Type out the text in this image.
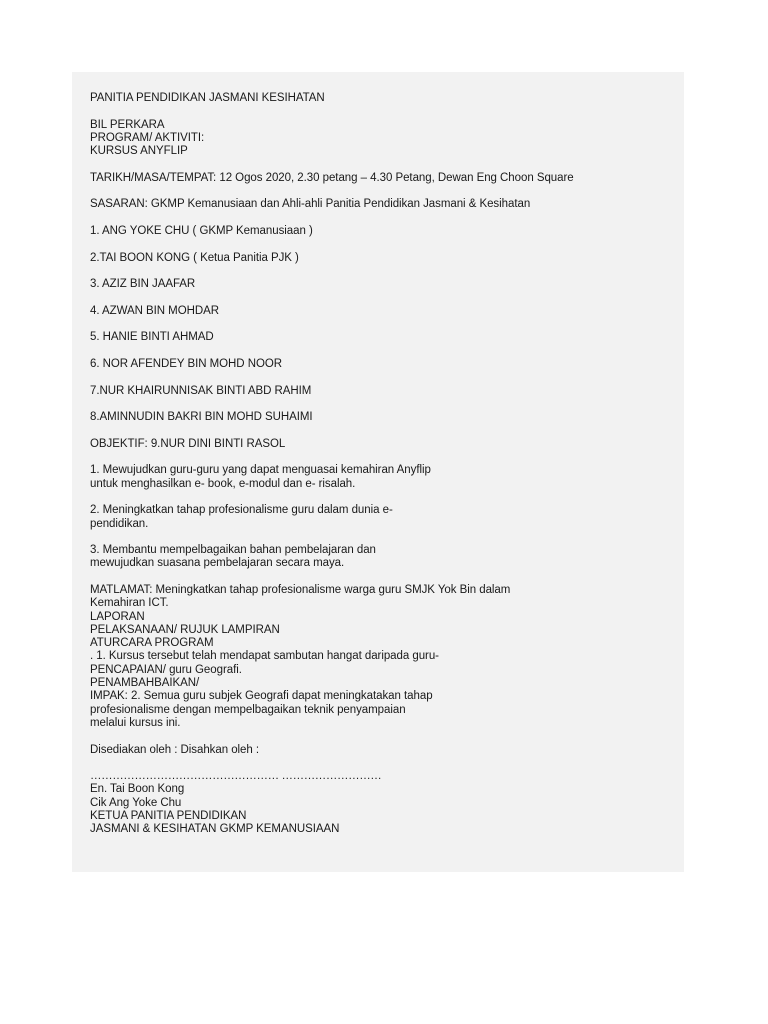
PANITIA PENDIDIKAN JASMANI KESIHATAN

BIL PERKARA

PROGRAM/ AKTIVITI:

KURSUS ANYFLIP

TARIKH/MASA/TEMPAT: 12 Ogos 2020, 2.30 petang – 4.30 Petang, Dewan Eng Choon Square

SASARAN: GKMP Kemanusiaan dan Ahli-ahli Panitia Pendidikan Jasmani & Kesihatan

1. ANG YOKE CHU ( GKMP Kemanusiaan )

2.TAI BOON KONG ( Ketua Panitia PJK )

3. AZIZ BIN JAAFAR

4. AZWAN BIN MOHDAR

5. HANIE BINTI AHMAD

6. NOR AFENDEY BIN MOHD NOOR

7.NUR KHAIRUNNISAK BINTI ABD RAHIM

8.AMINNUDIN BAKRI BIN MOHD SUHAIMI

OBJEKTIF: 9.NUR DINI BINTI RASOL

1. Mewujudkan guru-guru yang dapat menguasai kemahiran Anyflip

untuk menghasilkan e- book, e-modul dan e- risalah.

2. Meningkatkan tahap profesionalisme guru dalam dunia e-

pendidikan.

3. Membantu mempelbagaikan bahan pembelajaran dan

mewujudkan suasana pembelajaran secara maya.

MATLAMAT: Meningkatkan tahap profesionalisme warga guru SMJK Yok Bin dalam

Kemahiran ICT.

LAPORAN

PELAKSANAAN/ RUJUK LAMPIRAN

ATURCARA PROGRAM

. 1. Kursus tersebut telah mendapat sambutan hangat daripada guru-

PENCAPAIAN/ guru Geografi.

PENAMBAHBAIKAN/

IMPAK: 2. Semua guru subjek Geografi dapat meningkatakan tahap

profesionalisme dengan mempelbagaikan teknik penyampaian

melalui kursus ini.

Disediakan oleh : Disahkan oleh :

…………………………………………… ………………………

En. Tai Boon Kong

Cik Ang Yoke Chu

KETUA PANITIA PENDIDIKAN

JASMANI & KESIHATAN GKMP KEMANUSIAAN
